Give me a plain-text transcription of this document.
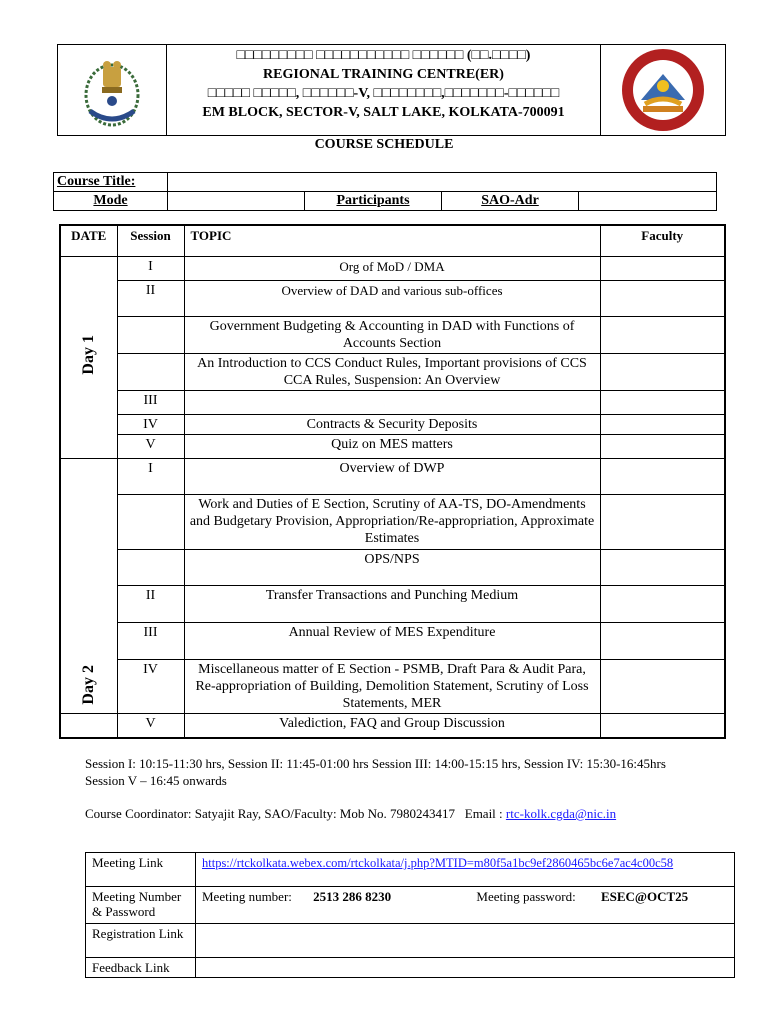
□□□□□□□□□ □□□□□□□□□□□ □□□□□□ (□□.□□□□)
REGIONAL TRAINING CENTRE(ER)
□□□□□ □□□□□, □□□□□□-V, □□□□□□□□,□□□□□□□-□□□□□□
EM BLOCK, SECTOR-V, SALT LAKE, KOLKATA-700091
COURSE SCHEDULE
Course Title:				
Mode		Participants	SAO-Adr	
DATE	Session	TOPIC	Faculty
Day 1	I	Org of MoD / DMA	
	II	Overview of DAD and various sub-offices	
		Government Budgeting & Accounting in DAD with Functions of Accounts Section	
		An Introduction to CCS Conduct Rules, Important provisions of CCS CCA Rules, Suspension: An Overview	
	III		
	IV	Contracts & Security Deposits	
	V	Quiz on MES matters	
Day 2	I	Overview of DWP	
		Work and Duties of E Section, Scrutiny of AA-TS, DO-Amendments and Budgetary Provision, Appropriation/Re-appropriation, Approximate Estimates	
		OPS/NPS	
	II	Transfer Transactions and Punching Medium	
	III	Annual Review of MES Expenditure	
	IV	Miscellaneous matter of E Section - PSMB, Draft Para & Audit Para, Re-appropriation of Building, Demolition Statement, Scrutiny of Loss Statements, MER	
	V	Valediction, FAQ and Group Discussion	
Session I: 10:15-11:30 hrs, Session II: 11:45-01:00 hrs Session III: 14:00-15:15 hrs, Session IV: 15:30-16:45hrs
Session V – 16:45 onwards
Course Coordinator: Satyajit Ray, SAO/Faculty: Mob No. 7980243417   Email : rtc-kolk.cgda@nic.in
Meeting Link	https://rtckolkata.webex.com/rtckolkata/j.php?MTID=m80f5a1bc9ef2860465bc6e7ac4c00c58
Meeting Number & Password	Meeting number: 2513 286 8230 Meeting password: ESEC@OCT25
Registration Link	
Feedback Link	
